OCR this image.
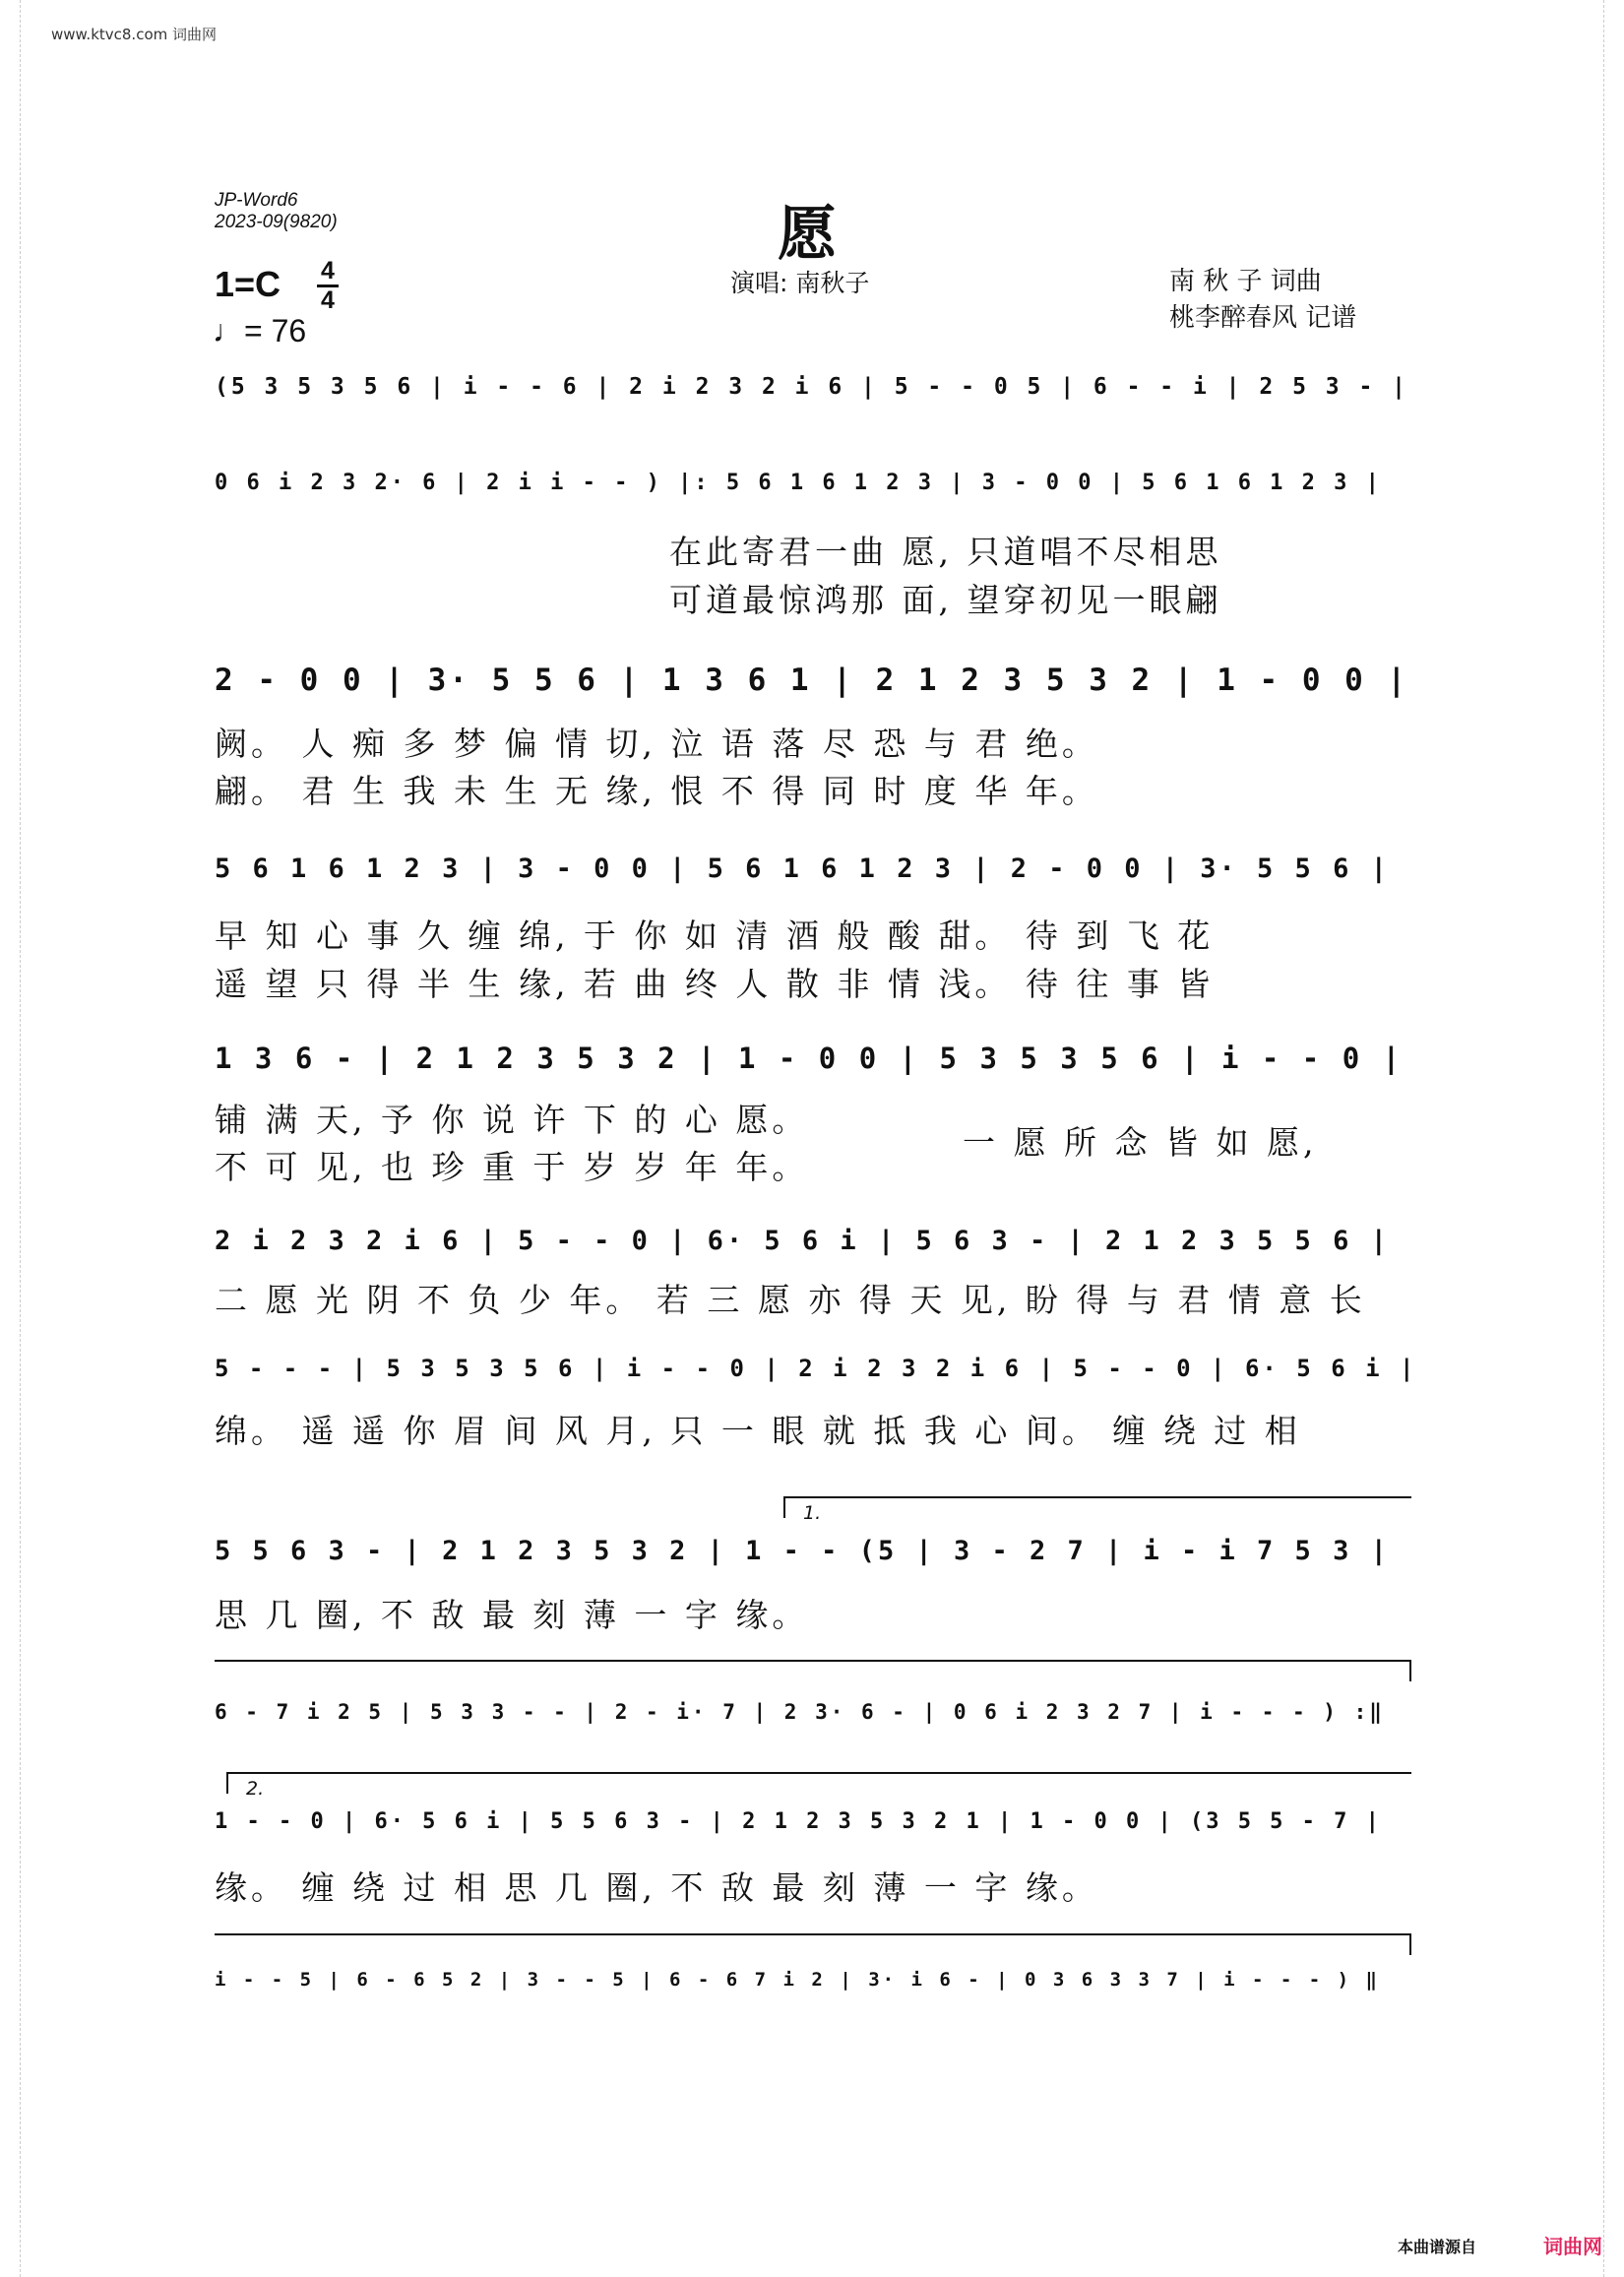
www.ktvc8.com 词曲网
JP-Word6
2023-09(9820)	愿
1=C 4
4
♩= 76
演唱: 南秋子	南 秋 子 词曲
桃李醉春风 记谱
(5 3 5 3 5 6 | i - - 6 | 2 i 2 3 2 i 6 | 5 - - 0 5 | 6 - - i | 2 5 3 - |
0 6 i 2 3 2· 6 | 2 i i - - ) |: 5 6 1 6 1 2 3 | 3 - 0 0 | 5 6 1 6 1 2 3 |
在此寄君一曲 愿, 只道唱不尽相思
可道最惊鸿那 面, 望穿初见一眼翩
2 - 0 0 | 3· 5 5 6 | 1 3 6 1 | 2 1 2 3 5 3 2 | 1 - 0 0 |
阙。 人 痴 多 梦 偏 情 切, 泣 语 落 尽 恐 与 君 绝。
翩。 君 生 我 未 生 无 缘, 恨 不 得 同 时 度 华 年。
5 6 1 6 1 2 3 | 3 - 0 0 | 5 6 1 6 1 2 3 | 2 - 0 0 | 3· 5 5 6 |
早 知 心 事 久 缠 绵, 于 你 如 清 酒 般 酸 甜。 待 到 飞 花
遥 望 只 得 半 生 缘, 若 曲 终 人 散 非 情 浅。 待 往 事 皆
1 3 6 - | 2 1 2 3 5 3 2 | 1 - 0 0 | 5 3 5 3 5 6 | i - - 0 |
铺 满 天, 予 你 说 许 下 的 心 愿。
不 可 见, 也 珍 重 于 岁 岁 年 年。
一 愿 所 念 皆 如 愿,
2 i 2 3 2 i 6 | 5 - - 0 | 6· 5 6 i | 5 6 3 - | 2 1 2 3 5 5 6 |
二 愿 光 阴 不 负 少 年。 若 三 愿 亦 得 天 见, 盼 得 与 君 情 意 长
5 - - - | 5 3 5 3 5 6 | i - - 0 | 2 i 2 3 2 i 6 | 5 - - 0 | 6· 5 6 i |
绵。 遥 遥 你 眉 间 风 月, 只 一 眼 就 抵 我 心 间。 缠 绕 过 相
1.
5 5 6 3 - | 2 1 2 3 5 3 2 | 1 - - (5 | 3 - 2 7 | i - i 7 5 3 |
思 几 圈, 不 敌 最 刻 薄 一 字 缘。
6 - 7 i 2 5 | 5 3 3 - - | 2 - i· 7 | 2 3· 6 - | 0 6 i 2 3 2 7 | i - - - ) :‖
2.
1 - - 0 | 6· 5 6 i | 5 5 6 3 - | 2 1 2 3 5 3 2 1 | 1 - 0 0 | (3 5 5 - 7 |
缘。 缠 绕 过 相 思 几 圈, 不 敌 最 刻 薄 一 字 缘。
i - - 5 | 6 - 6 5 2 | 3 - - 5 | 6 - 6 7 i 2 | 3· i 6 - | 0 3 6 3 3 7 | i - - - ) ‖
本曲谱源自	词曲网
